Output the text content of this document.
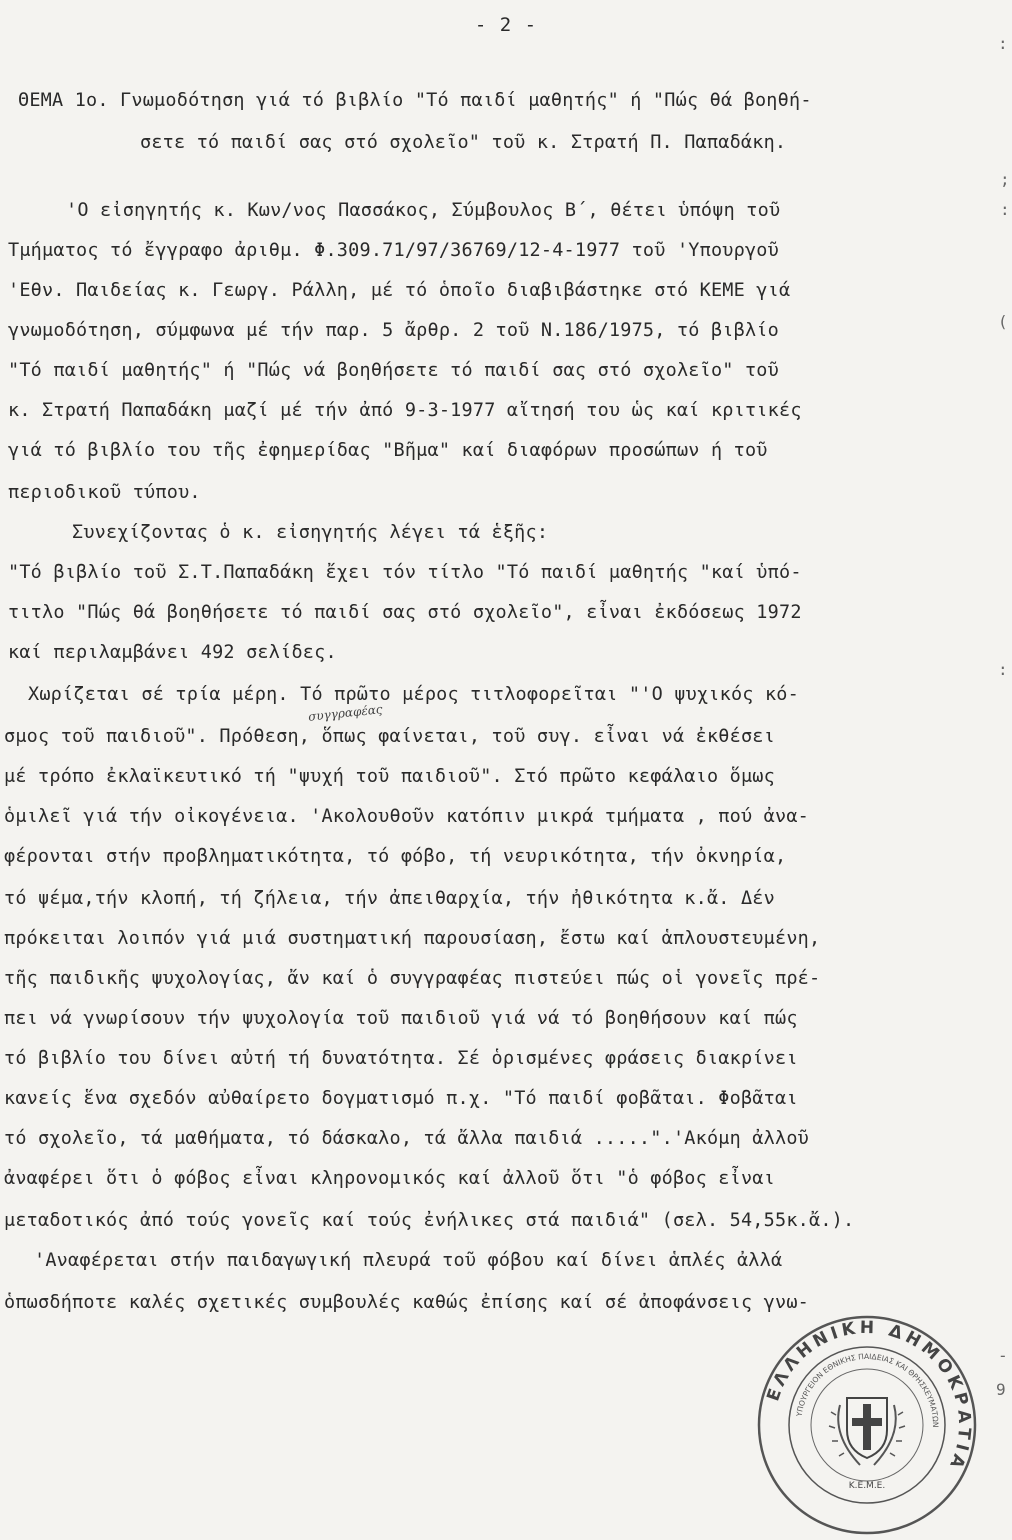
- 2 -
ΘΕΜΑ 1ο. Γνωμοδότηση γιά τό βιβλίο "Τό παιδί μαθητής" ή "Πώς θά βοηθή-
σετε τό παιδί σας στό σχολεῖο" τοῦ κ. Στρατή Π. Παπαδάκη.
'Ο εἰσηγητής κ. Κων/νος Πασσάκος, Σύμβουλος Β΄, θέτει ὑπόψη τοῦ
Τμήματος τό ἔγγραφο ἀριθμ. Φ.309.71/97/36769/12-4-1977 τοῦ 'Υπουργοῦ
'Εθν. Παιδείας κ. Γεωργ. Ράλλη, μέ τό ὁποῖο διαβιβάστηκε στό ΚΕΜΕ γιά
γνωμοδότηση, σύμφωνα μέ τήν παρ. 5 ἄρθρ. 2 τοῦ Ν.186/1975, τό βιβλίο
"Τό παιδί μαθητής" ή "Πώς νά βοηθήσετε τό παιδί σας στό σχολεῖο" τοῦ
κ. Στρατή Παπαδάκη μαζί μέ τήν ἀπό 9-3-1977 αἴτησή του ὡς καί κριτικές
γιά τό βιβλίο του τῆς ἐφημερίδας "Βῆμα" καί διαφόρων προσώπων ή τοῦ
περιοδικοῦ τύπου.
Συνεχίζοντας ὁ κ. εἰσηγητής λέγει τά ἑξῆς:
"Τό βιβλίο τοῦ Σ.Τ.Παπαδάκη ἔχει τόν τίτλο "Τό παιδί μαθητής "καί ὑπό-
τιτλο "Πώς θά βοηθήσετε τό παιδί σας στό σχολεῖο", εἶναι ἐκδόσεως 1972
καί περιλαμβάνει 492 σελίδες.
Χωρίζεται σέ τρία μέρη. Τό πρῶτο μέρος τιτλοφορεῖται "'Ο ψυχικός κό-
σμος τοῦ παιδιοῦ". Πρόθεση, ὅπως φαίνεται, τοῦ συγ. εἶναι νά ἐκθέσει
μέ τρόπο ἐκλαϊκευτικό τή "ψυχή τοῦ παιδιοῦ". Στό πρῶτο κεφάλαιο ὅμως
ὁμιλεῖ γιά τήν οἰκογένεια. 'Ακολουθοῦν κατόπιν μικρά τμήματα , πού ἀνα-
φέρονται στήν προβληματικότητα, τό φόβο, τή νευρικότητα, τήν ὀκνηρία,
τό ψέμα,τήν κλοπή, τή ζήλεια, τήν ἀπειθαρχία, τήν ἠθικότητα κ.ἄ. Δέν
πρόκειται λοιπόν γιά μιά συστηματική παρουσίαση, ἔστω καί ἁπλουστευμένη,
τῆς παιδικῆς ψυχολογίας, ἄν καί ὁ συγγραφέας πιστεύει πώς οἱ γονεῖς πρέ-
πει νά γνωρίσουν τήν ψυχολογία τοῦ παιδιοῦ γιά νά τό βοηθήσουν καί πώς
τό βιβλίο του δίνει αὐτή τή δυνατότητα. Σέ ὁρισμένες φράσεις διακρίνει
κανείς ἕνα σχεδόν αὐθαίρετο δογματισμό π.χ. "Τό παιδί φοβᾶται. Φοβᾶται
τό σχολεῖο, τά μαθήματα, τό δάσκαλο, τά ἄλλα παιδιά .....".'Ακόμη ἀλλοῦ
ἀναφέρει ὅτι ὁ φόβος εἶναι κληρονομικός καί ἀλλοῦ ὅτι "ὁ φόβος εἶναι
μεταδοτικός ἀπό τούς γονεῖς καί τούς ἐνήλικες στά παιδιά" (σελ. 54,55κ.ἄ.).
'Αναφέρεται στήν παιδαγωγική πλευρά τοῦ φόβου καί δίνει ἁπλές ἀλλά
ὁπωσδήποτε καλές σχετικές συμβουλές καθώς ἐπίσης καί σέ ἀποφάνσεις γνω-
συγγραφέας
:
:
;
(
:
-
9
ΕΛΛΗΝΙΚΗ ΔΗΜΟΚΡΑΤΙΑ
ΥΠΟΥΡΓΕΙΟΝ ΕΘΝΙΚΗΣ ΠΑΙΔΕΙΑΣ ΚΑΙ ΘΡΗΣΚΕΥΜΑΤΩΝ
Κ.Ε.Μ.Ε.
